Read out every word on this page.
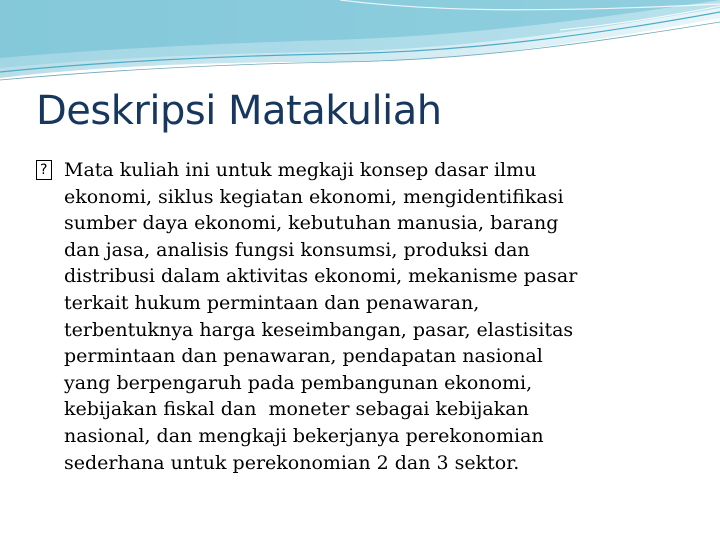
Deskripsi Matakuliah
?

Mata kuliah ini untuk megkaji konsep dasar ilmu
ekonomi, siklus kegiatan ekonomi, mengidentifikasi
sumber daya ekonomi, kebutuhan manusia, barang
dan jasa, analisis fungsi konsumsi, produksi dan
distribusi dalam aktivitas ekonomi, mekanisme pasar
terkait hukum permintaan dan penawaran,
terbentuknya harga keseimbangan, pasar, elastisitas
permintaan dan penawaran, pendapatan nasional
yang berpengaruh pada pembangunan ekonomi,
kebijakan fiskal dan  moneter sebagai kebijakan
nasional, dan mengkaji bekerjanya perekonomian
sederhana untuk perekonomian 2 dan 3 sektor.
